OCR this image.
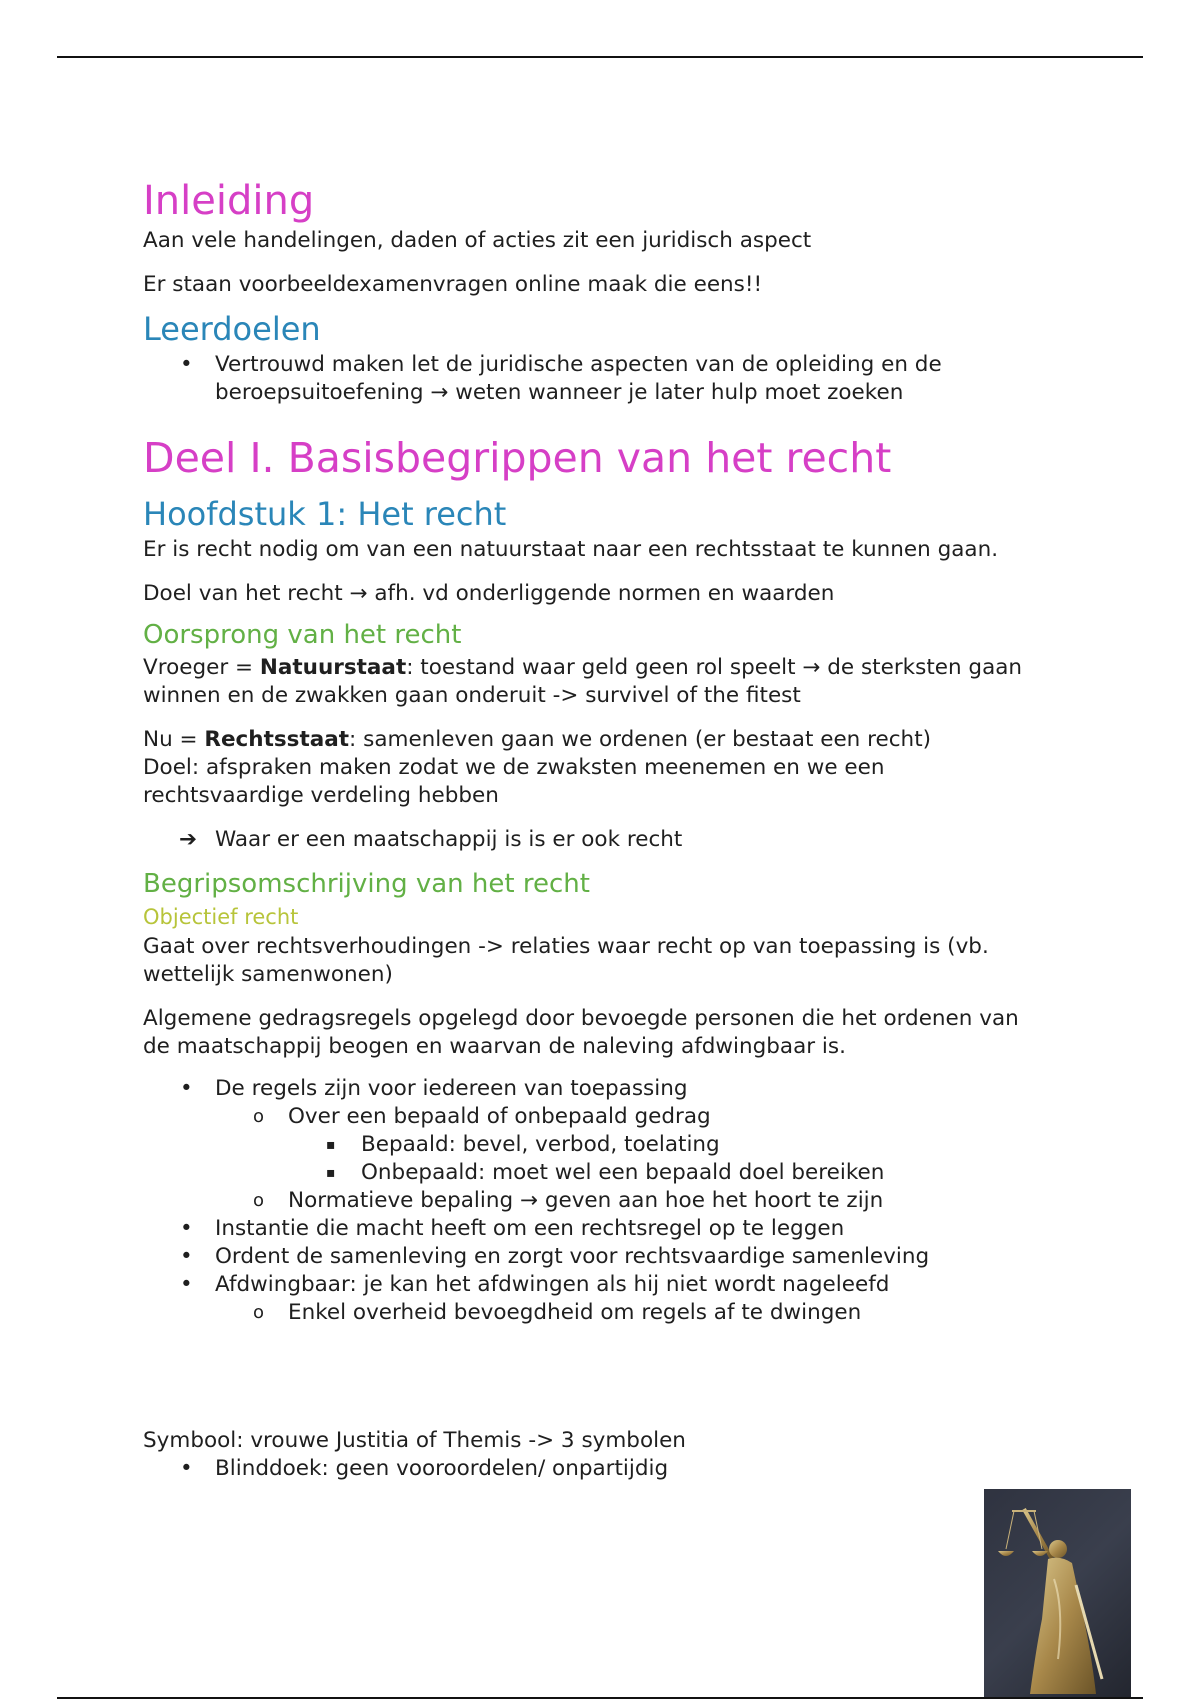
Inleiding

Aan vele handelingen, daden of acties zit een juridisch aspect

Er staan voorbeeldexamenvragen online maak die eens!!

Leerdoelen
• Vertrouwd maken let de juridische aspecten van de opleiding en de
beroepsuitoefening → weten wanneer je later hulp moet zoeken
Deel I. Basisbegrippen van het recht
Hoofdstuk 1: Het recht

Er is recht nodig om van een natuurstaat naar een rechtsstaat te kunnen gaan.

Doel van het recht → afh. vd onderliggende normen en waarden

Oorsprong van het recht

Vroeger = Natuurstaat: toestand waar geld geen rol speelt → de sterksten gaan
winnen en de zwakken gaan onderuit -> survivel of the fitest

Nu = Rechtsstaat: samenleven gaan we ordenen (er bestaat een recht)
Doel: afspraken maken zodat we de zwaksten meenemen en we een
rechtsvaardige verdeling hebben

➔ Waar er een maatschappij is is er ook recht

Begripsomschrijving van het recht
Objectief recht

Gaat over rechtsverhoudingen -> relaties waar recht op van toepassing is (vb.
wettelijk samenwonen)

Algemene gedragsregels opgelegd door bevoegde personen die het ordenen van
de maatschappij beogen en waarvan de naleving afdwingbaar is.

• De regels zijn voor iedereen van toepassing
o Over een bepaald of onbepaald gedrag
▪ Bepaald: bevel, verbod, toelating
▪ Onbepaald: moet wel een bepaald doel bereiken
o Normatieve bepaling → geven aan hoe het hoort te zijn
• Instantie die macht heeft om een rechtsregel op te leggen
• Ordent de samenleving en zorgt voor rechtsvaardige samenleving
• Afdwingbaar: je kan het afdwingen als hij niet wordt nageleefd
o Enkel overheid bevoegdheid om regels af te dwingen

Symbool: vrouwe Justitia of Themis -> 3 symbolen

• Blinddoek: geen vooroordelen/ onpartijdig
